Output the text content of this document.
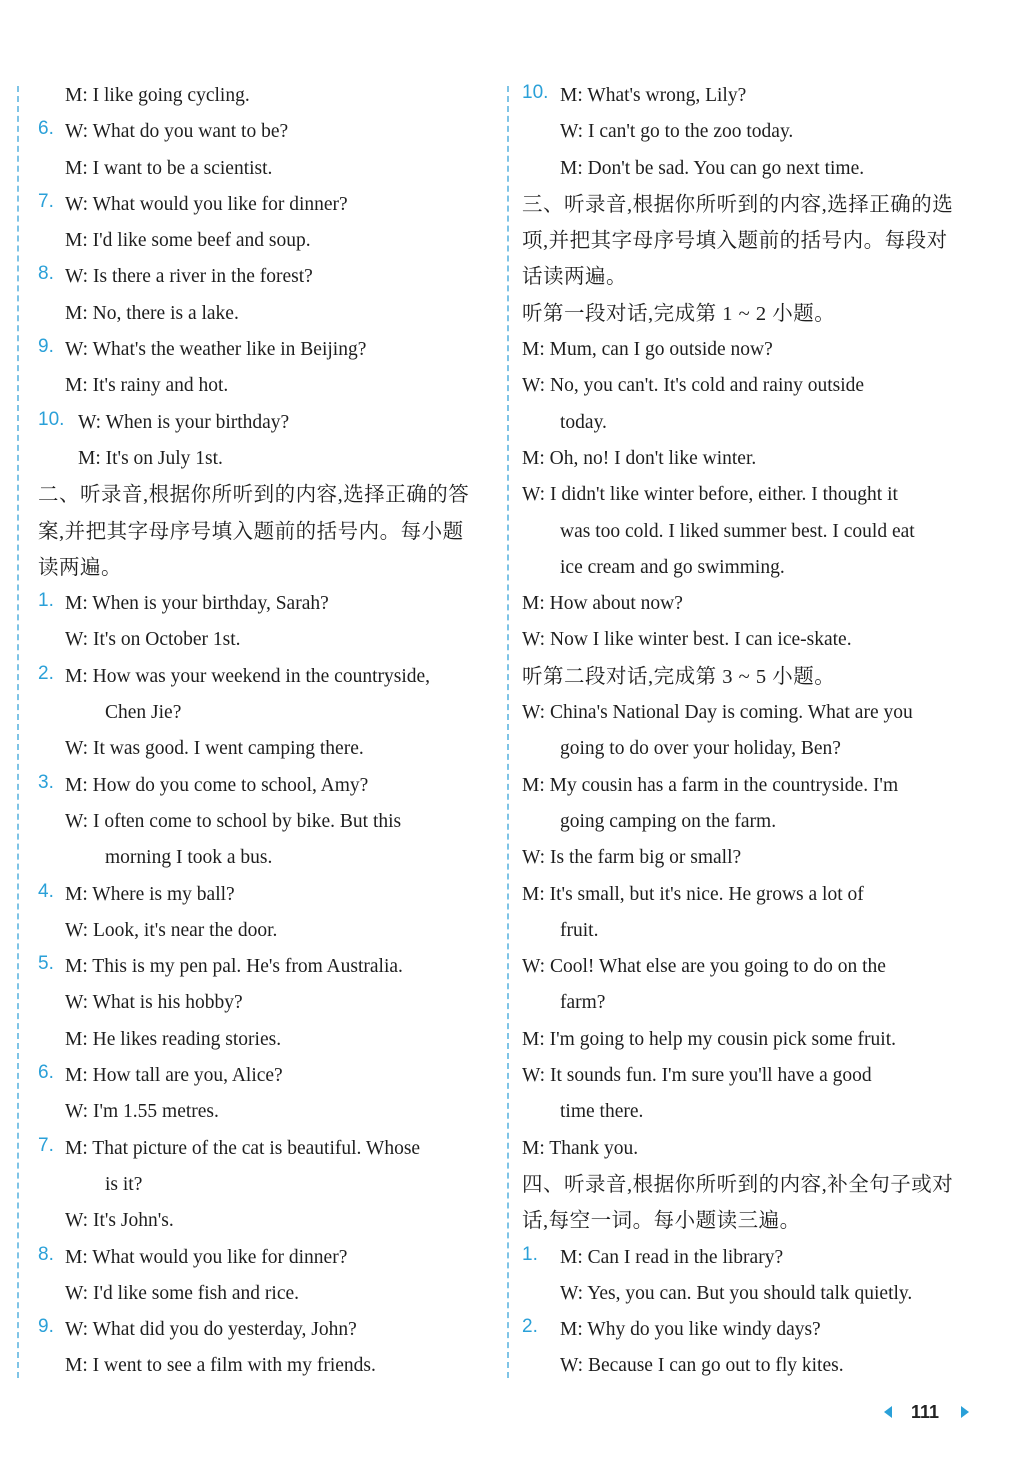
M: I like going cycling.
6. W: What do you want to be?
M: I want to be a scientist.
7. W: What would you like for dinner?
M: I'd like some beef and soup.
8. W: Is there a river in the forest?
M: No, there is a lake.
9. W: What's the weather like in Beijing?
M: It's rainy and hot.
10. W: When is your birthday?
M: It's on July 1st.
二、听录音,根据你所听到的内容,选择正确的答
案,并把其字母序号填入题前的括号内。每小题
读两遍。
1. M: When is your birthday, Sarah?
W: It's on October 1st.
2. M: How was your weekend in the countryside,
Chen Jie?
W: It was good. I went camping there.
3. M: How do you come to school, Amy?
W: I often come to school by bike. But this
morning I took a bus.
4. M: Where is my ball?
W: Look, it's near the door.
5. M: This is my pen pal. He's from Australia.
W: What is his hobby?
M: He likes reading stories.
6. M: How tall are you, Alice?
W: I'm 1.55 metres.
7. M: That picture of the cat is beautiful. Whose
is it?
W: It's John's.
8. M: What would you like for dinner?
W: I'd like some fish and rice.
9. W: What did you do yesterday, John?
M: I went to see a film with my friends.
10. M: What's wrong, Lily?
W: I can't go to the zoo today.
M: Don't be sad. You can go next time.
三、听录音,根据你所听到的内容,选择正确的选
项,并把其字母序号填入题前的括号内。每段对
话读两遍。
听第一段对话,完成第 1 ~ 2 小题。
M: Mum, can I go outside now?
W: No, you can't. It's cold and rainy outside
today.
M: Oh, no! I don't like winter.
W: I didn't like winter before, either. I thought it
was too cold. I liked summer best. I could eat
ice cream and go swimming.
M: How about now?
W: Now I like winter best. I can ice-skate.
听第二段对话,完成第 3 ~ 5 小题。
W: China's National Day is coming. What are you
going to do over your holiday, Ben?
M: My cousin has a farm in the countryside. I'm
going camping on the farm.
W: Is the farm big or small?
M: It's small, but it's nice. He grows a lot of
fruit.
W: Cool! What else are you going to do on the
farm?
M: I'm going to help my cousin pick some fruit.
W: It sounds fun. I'm sure you'll have a good
time there.
M: Thank you.
四、听录音,根据你所听到的内容,补全句子或对
话,每空一词。每小题读三遍。
1. M: Can I read in the library?
W: Yes, you can. But you should talk quietly.
2. M: Why do you like windy days?
W: Because I can go out to fly kites.
111
